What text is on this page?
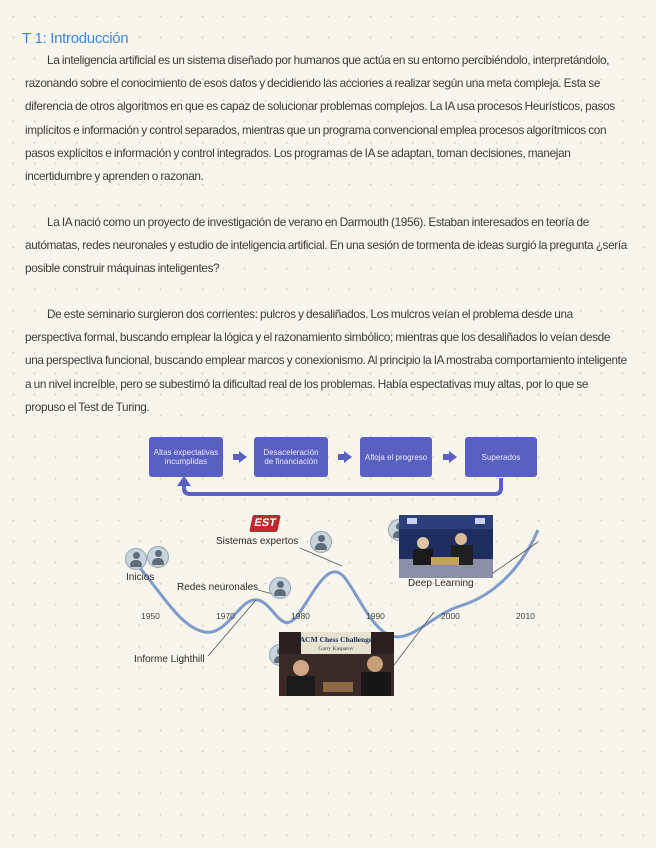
T 1: Introducción

La inteligencia artificial es un sistema diseñado por humanos que actúa en su entorno percibiéndolo, interpretándolo, razonando sobre el conocimiento de esos datos y decidiendo las acciones a realizar según una meta compleja. Esta se diferencia de otros algoritmos en que es capaz de solucionar problemas complejos. La IA usa procesos Heurísticos, pasos implícitos e información y control separados, mientras que un programa convencional emplea procesos algorítmicos con pasos explícitos e información y control integrados. Los programas de IA se adaptan, toman decisiones, manejan incertidumbre y aprenden o razonan.

La IA nació como un proyecto de investigación de verano en Darmouth (1956). Estaban interesados en teoría de autómatas, redes neuronales y estudio de inteligencia artificial. En una sesión de tormenta de ideas surgió la pregunta ¿sería posible construir máquinas inteligentes?

De este seminario surgieron dos corrientes: pulcros y desaliñados. Los mulcros veían el problema desde una perspectiva formal, buscando emplear la lógica y el razonamiento simbólico; mientras que los desaliñados lo veían desde una perspectiva funcional, buscando emplear marcos y conexionismo. Al principio la IA mostraba comportamiento inteligente a un nivel increíble, pero se subestimó la dificultad real de los problemas. Había espectativas muy altas, por lo que se propuso el Test de Turing.

Altas expectativas incumplidas
Desaceleración de financiación	Afloja el progreso	Superados
EST
Inicios
Sistemas expertos
Redes neuronales	Deep Learning
Informe Lighthill
1950	1970	1980	1990	2000	2010
ACM Chess Challenge
Garry Kasparov
